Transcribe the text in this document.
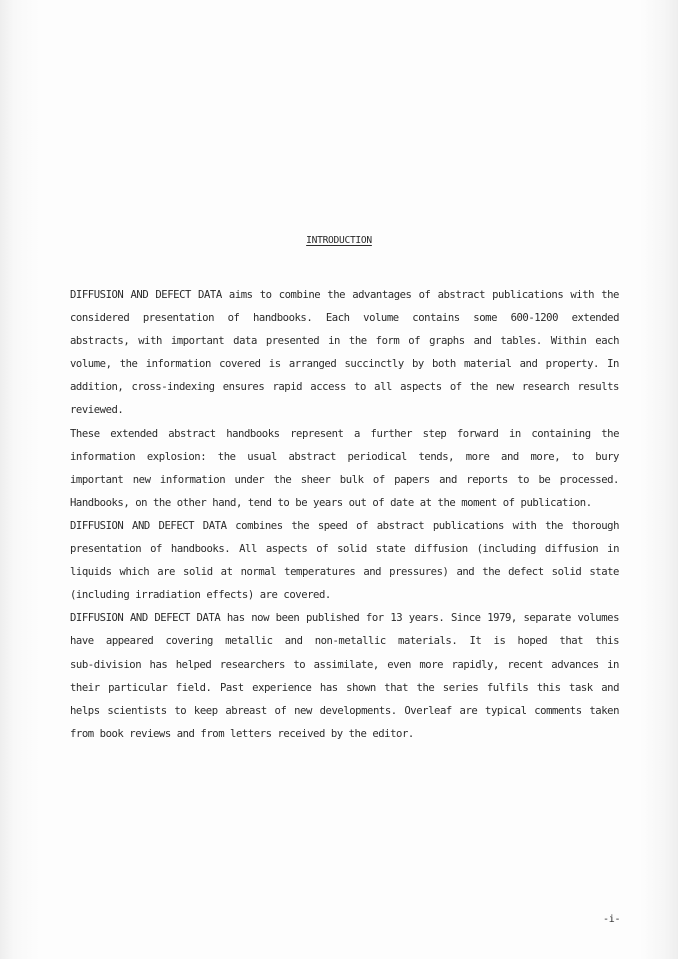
INTRODUCTION

DIFFUSION AND DEFECT DATA aims to combine the advantages of abstract publications with the
considered presentation of handbooks. Each volume contains some 600-1200 extended
abstracts, with important data presented in the form of graphs and tables. Within each
volume, the information covered is arranged succinctly by both material and property. In
addition, cross-indexing ensures rapid access to all aspects of the new research results
reviewed.

These extended abstract handbooks represent a further step forward in containing the
information explosion: the usual abstract periodical tends, more and more, to bury
important new information under the sheer bulk of papers and reports to be processed.
Handbooks, on the other hand, tend to be years out of date at the moment of publication.

DIFFUSION AND DEFECT DATA combines the speed of abstract publications with the thorough
presentation of handbooks. All aspects of solid state diffusion (including diffusion in
liquids which are solid at normal temperatures and pressures) and the defect solid state
(including irradiation effects) are covered.

DIFFUSION AND DEFECT DATA has now been published for 13 years. Since 1979, separate volumes
have appeared covering metallic and non-metallic materials. It is hoped that this
sub-division has helped researchers to assimilate, even more rapidly, recent advances in
their particular field. Past experience has shown that the series fulfils this task and
helps scientists to keep abreast of new developments. Overleaf are typical comments taken
from book reviews and from letters received by the editor.

-i-
